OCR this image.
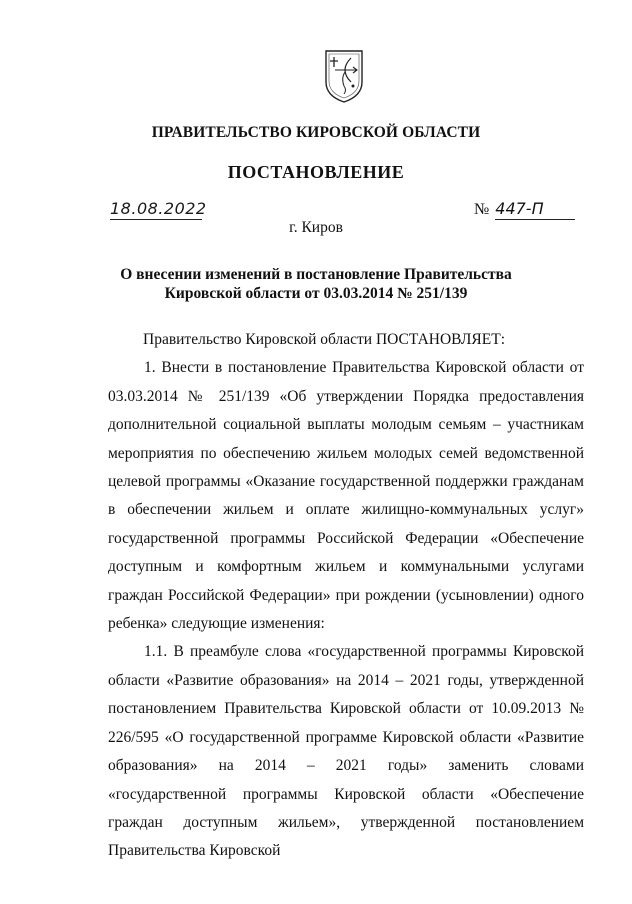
ПРАВИТЕЛЬСТВО КИРОВСКОЙ ОБЛАСТИ
ПОСТАНОВЛЕНИЕ
18.08.2022	№ 447-П
г. Киров
О внесении изменений в постановление Правительства
Кировской области от 03.03.2014 № 251/139

Правительство Кировской области ПОСТАНОВЛЯЕТ:

1. Внести в постановление Правительства Кировской области от 03.03.2014 № 251/139 «Об утверждении Порядка предоставления дополнительной социальной выплаты молодым семьям – участникам мероприятия по обеспечению жильем молодых семей ведомственной целевой программы «Оказание государственной поддержки гражданам в обеспечении жильем и оплате жилищно-коммунальных услуг» государственной программы Российской Федерации «Обеспечение доступным и комфортным жильем и коммунальными услугами граждан Российской Федерации» при рождении (усыновлении) одного ребенка» следующие изменения:

1.1. В преамбуле слова «государственной программы Кировской области «Развитие образования» на 2014 – 2021 годы, утвержденной постановлением Правительства Кировской области от 10.09.2013 № 226/595 «О государственной программе Кировской области «Развитие образования» на 2014 – 2021 годы» заменить словами «государственной программы Кировской области «Обеспечение граждан доступным жильем», утвержденной постановлением Правительства Кировской
